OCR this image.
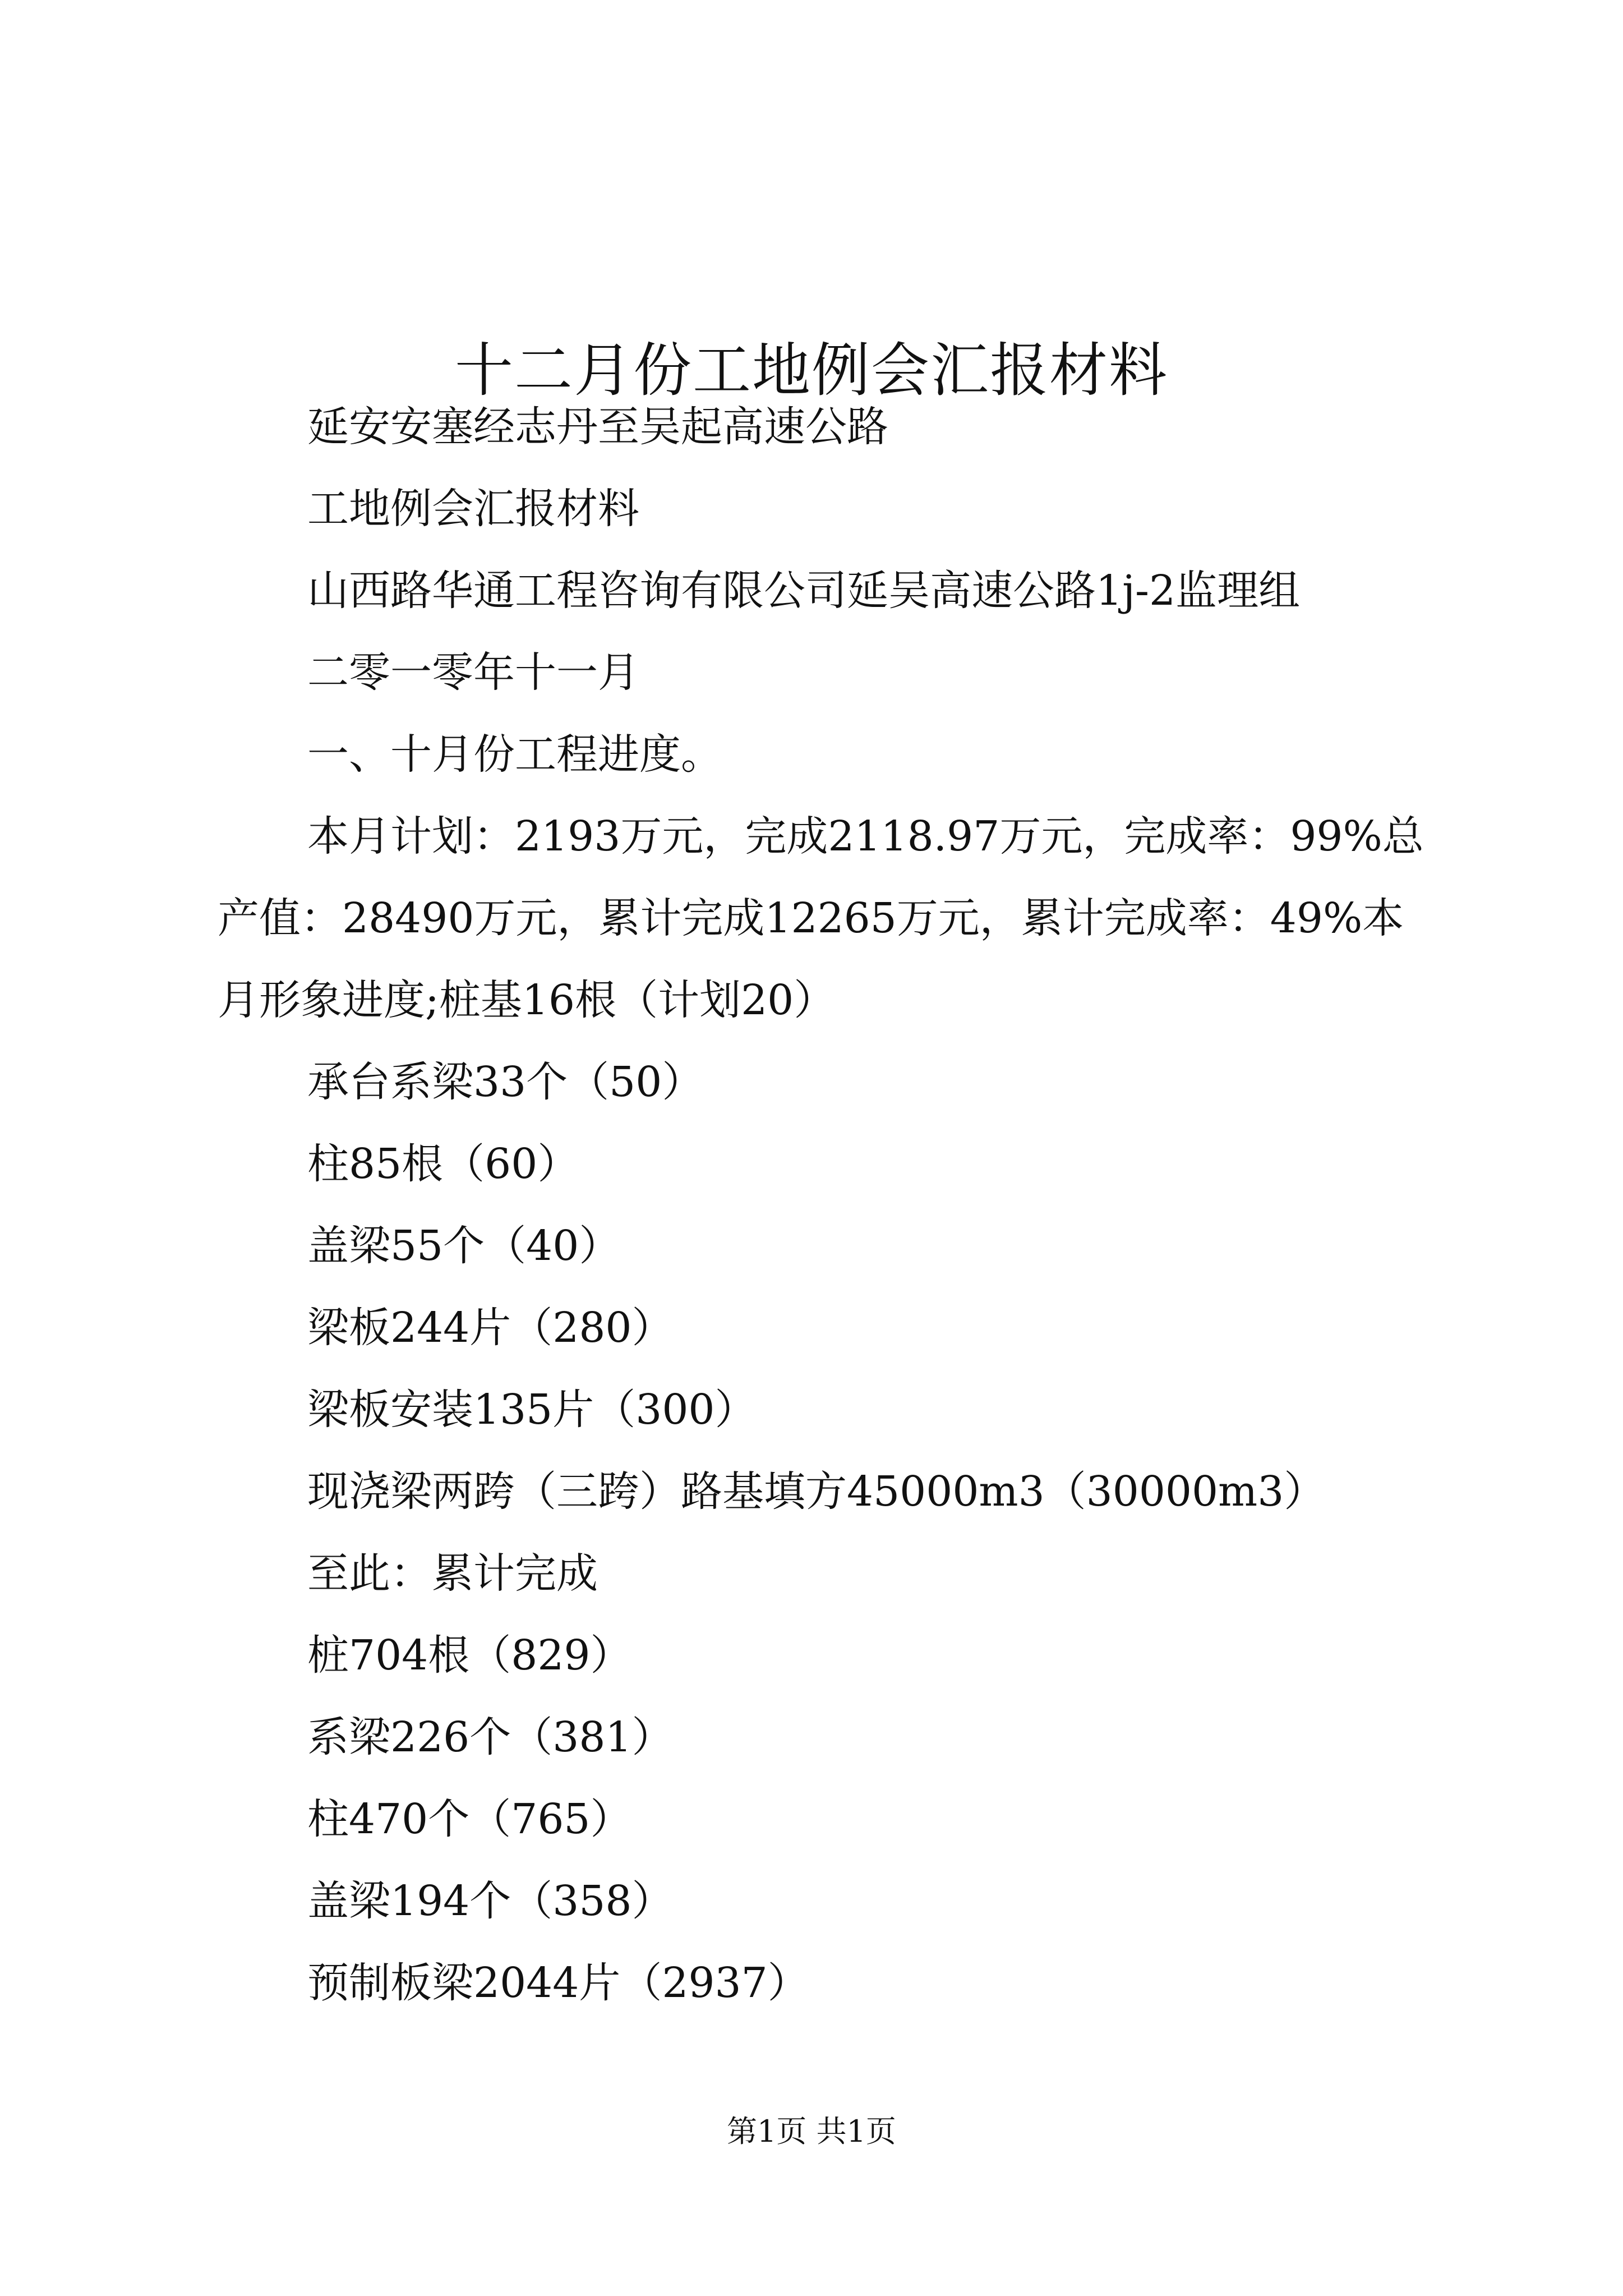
十二月份工地例会汇报材料

延安安塞经志丹至吴起高速公路

工地例会汇报材料

山西路华通工程咨询有限公司延吴高速公路1j-2监理组

二零一零年十一月

一、十月份工程进度。

本月计划：2193万元，完成2118.97万元，完成率：99%总产值：28490万元，累计完成12265万元，累计完成率：49%本月形象进度;桩基16根（计划20）

承台系梁33个（50）

柱85根（60）

盖梁55个（40）

梁板244片（280）

梁板安装135片（300）

现浇梁两跨（三跨）路基填方45000m3（30000m3）

至此：累计完成

桩704根（829）

系梁226个（381）

柱470个（765）

盖梁194个（358）

预制板梁2044片（2937）

第1页 共1页
